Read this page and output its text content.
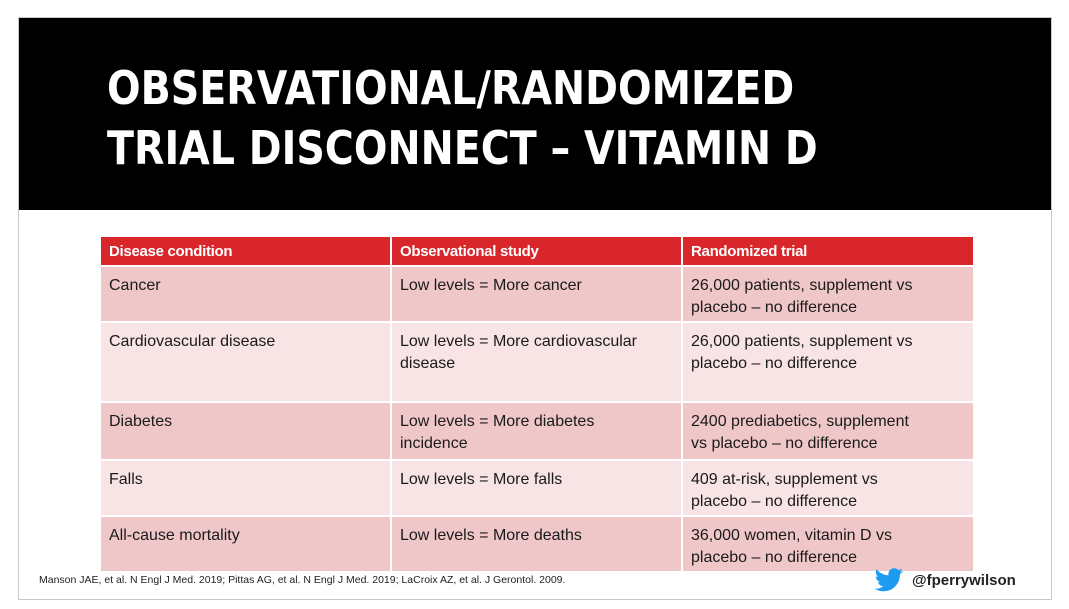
OBSERVATIONAL/RANDOMIZED
TRIAL DISCONNECT – VITAMIN D
Disease condition	Observational study	Randomized trial
Cancer	Low levels = More cancer	26,000 patients, supplement vs
placebo – no difference
Cardiovascular disease	Low levels = More cardiovascular
disease	26,000 patients, supplement vs
placebo – no difference
Diabetes	Low levels = More diabetes
incidence	2400 prediabetics, supplement
vs placebo – no difference
Falls	Low levels = More falls	409 at-risk, supplement vs
placebo – no difference
All-cause mortality	Low levels = More deaths	36,000 women, vitamin D vs
placebo – no difference
Manson JAE, et al. N Engl J Med. 2019; Pittas AG, et al. N Engl J Med. 2019; LaCroix AZ, et al. J Gerontol. 2009.	@fperrywilson
